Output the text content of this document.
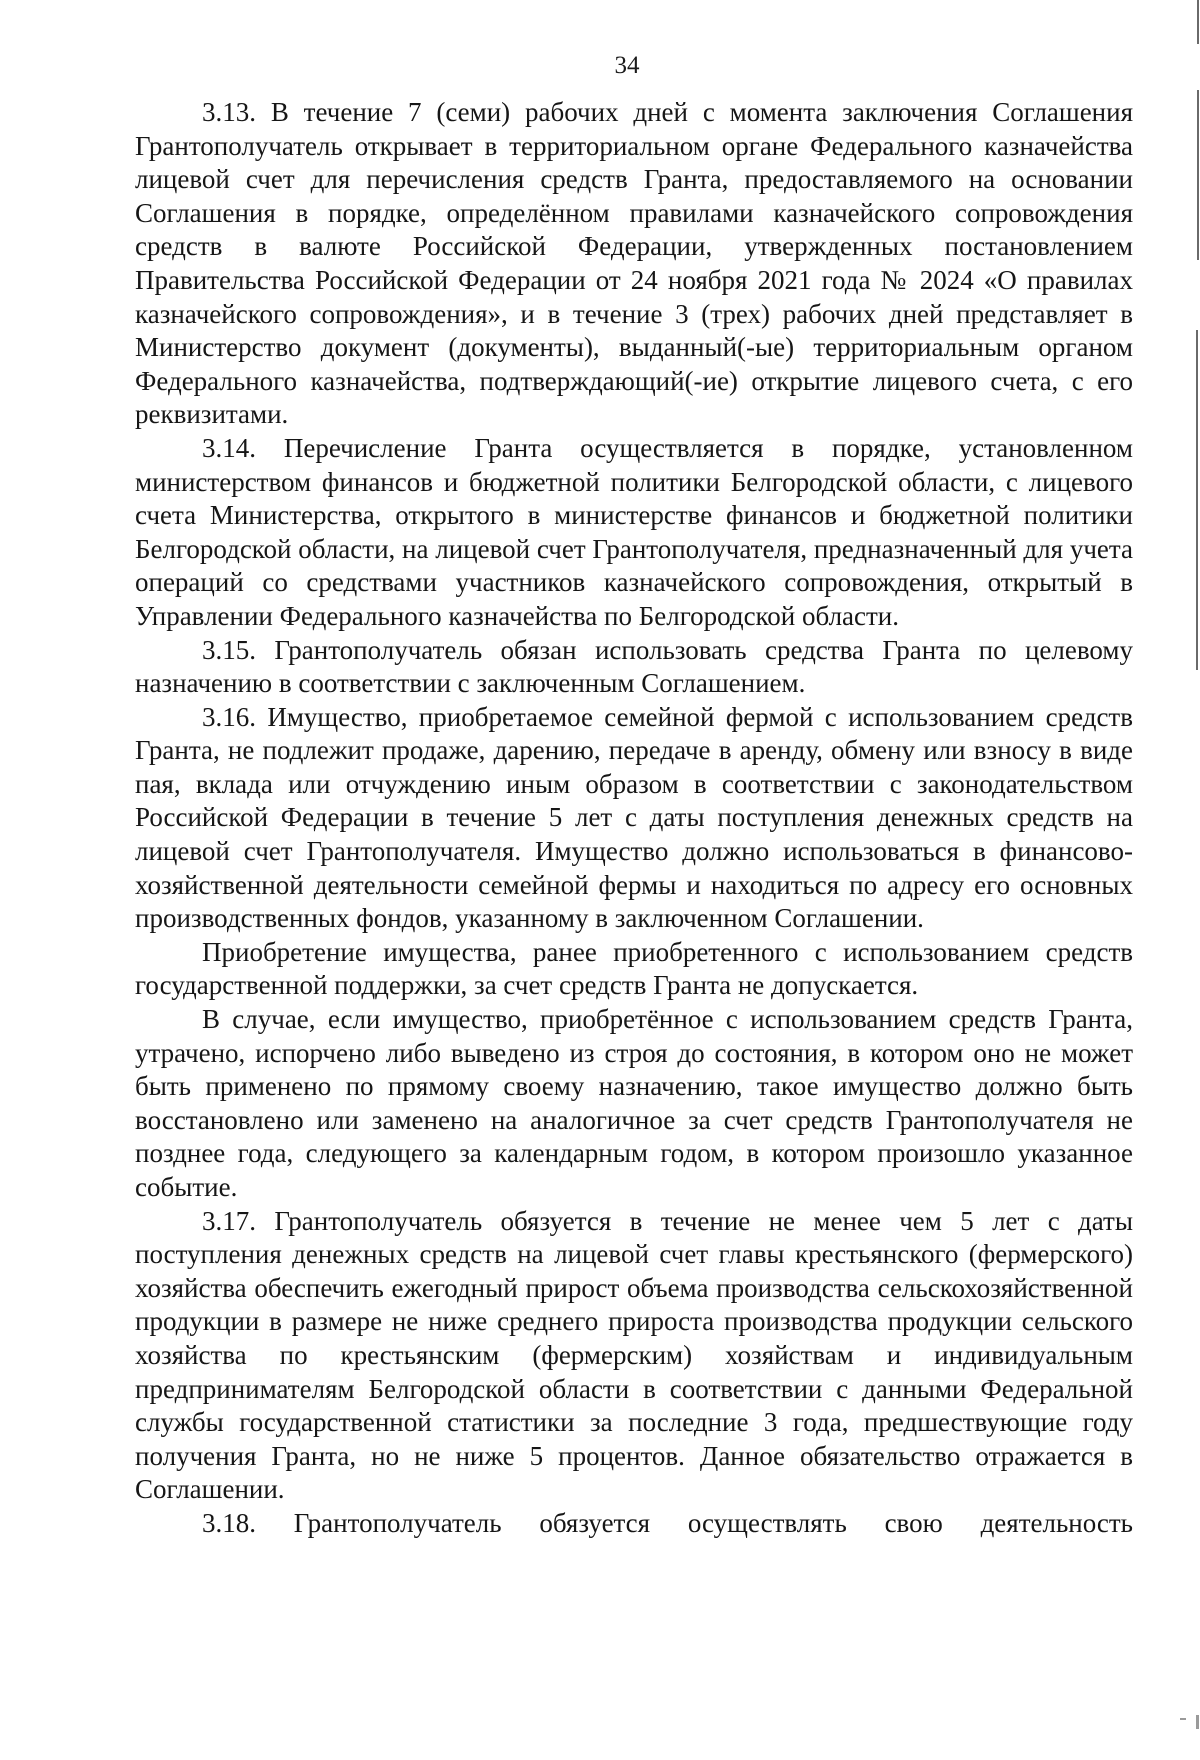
34

3.13. В течение 7 (семи) рабочих дней с момента заключения Соглашения Грантополучатель открывает в территориальном органе Федерального казначейства лицевой счет для перечисления средств Гранта, предоставляемого на основании Соглашения в порядке, определённом правилами казначейского сопровождения средств в валюте Российской Федерации, утвержденных постановлением Правительства Российской Федерации от 24 ноября 2021 года № 2024 «О правилах казначейского сопровождения», и в течение 3 (трех) рабочих дней представляет в Министерство документ (документы), выданный(-ые) территориальным органом Федерального казначейства, подтверждающий(-ие) открытие лицевого счета, с его реквизитами.

3.14. Перечисление Гранта осуществляется в порядке, установленном министерством финансов и бюджетной политики Белгородской области, с лицевого счета Министерства, открытого в министерстве финансов и бюджетной политики Белгородской области, на лицевой счет Грантополучателя, предназначенный для учета операций со средствами участников казначейского сопровождения, открытый в Управлении Федерального казначейства по Белгородской области.

3.15. Грантополучатель обязан использовать средства Гранта по целевому назначению в соответствии с заключенным Соглашением.

3.16. Имущество, приобретаемое семейной фермой с использованием средств Гранта, не подлежит продаже, дарению, передаче в аренду, обмену или взносу в виде пая, вклада или отчуждению иным образом в соответствии с законодательством Российской Федерации в течение 5 лет с даты поступления денежных средств на лицевой счет Грантополучателя. Имущество должно использоваться в финансово-хозяйственной деятельности семейной фермы и находиться по адресу его основных производственных фондов, указанному в заключенном Соглашении.

Приобретение имущества, ранее приобретенного с использованием средств государственной поддержки, за счет средств Гранта не допускается.

В случае, если имущество, приобретённое с использованием средств Гранта, утрачено, испорчено либо выведено из строя до состояния, в котором оно не может быть применено по прямому своему назначению, такое имущество должно быть восстановлено или заменено на аналогичное за счет средств Грантополучателя не позднее года, следующего за календарным годом, в котором произошло указанное событие.

3.17. Грантополучатель обязуется в течение не менее чем 5 лет с даты поступления денежных средств на лицевой счет главы крестьянского (фермерского) хозяйства обеспечить ежегодный прирост объема производства сельскохозяйственной продукции в размере не ниже среднего прироста производства продукции сельского хозяйства по крестьянским (фермерским) хозяйствам и индивидуальным предпринимателям Белгородской области в соответствии с данными Федеральной службы государственной статистики за последние 3 года, предшествующие году получения Гранта, но не ниже 5 процентов. Данное обязательство отражается в Соглашении.

3.18. Грантополучатель обязуется осуществлять свою деятельность
